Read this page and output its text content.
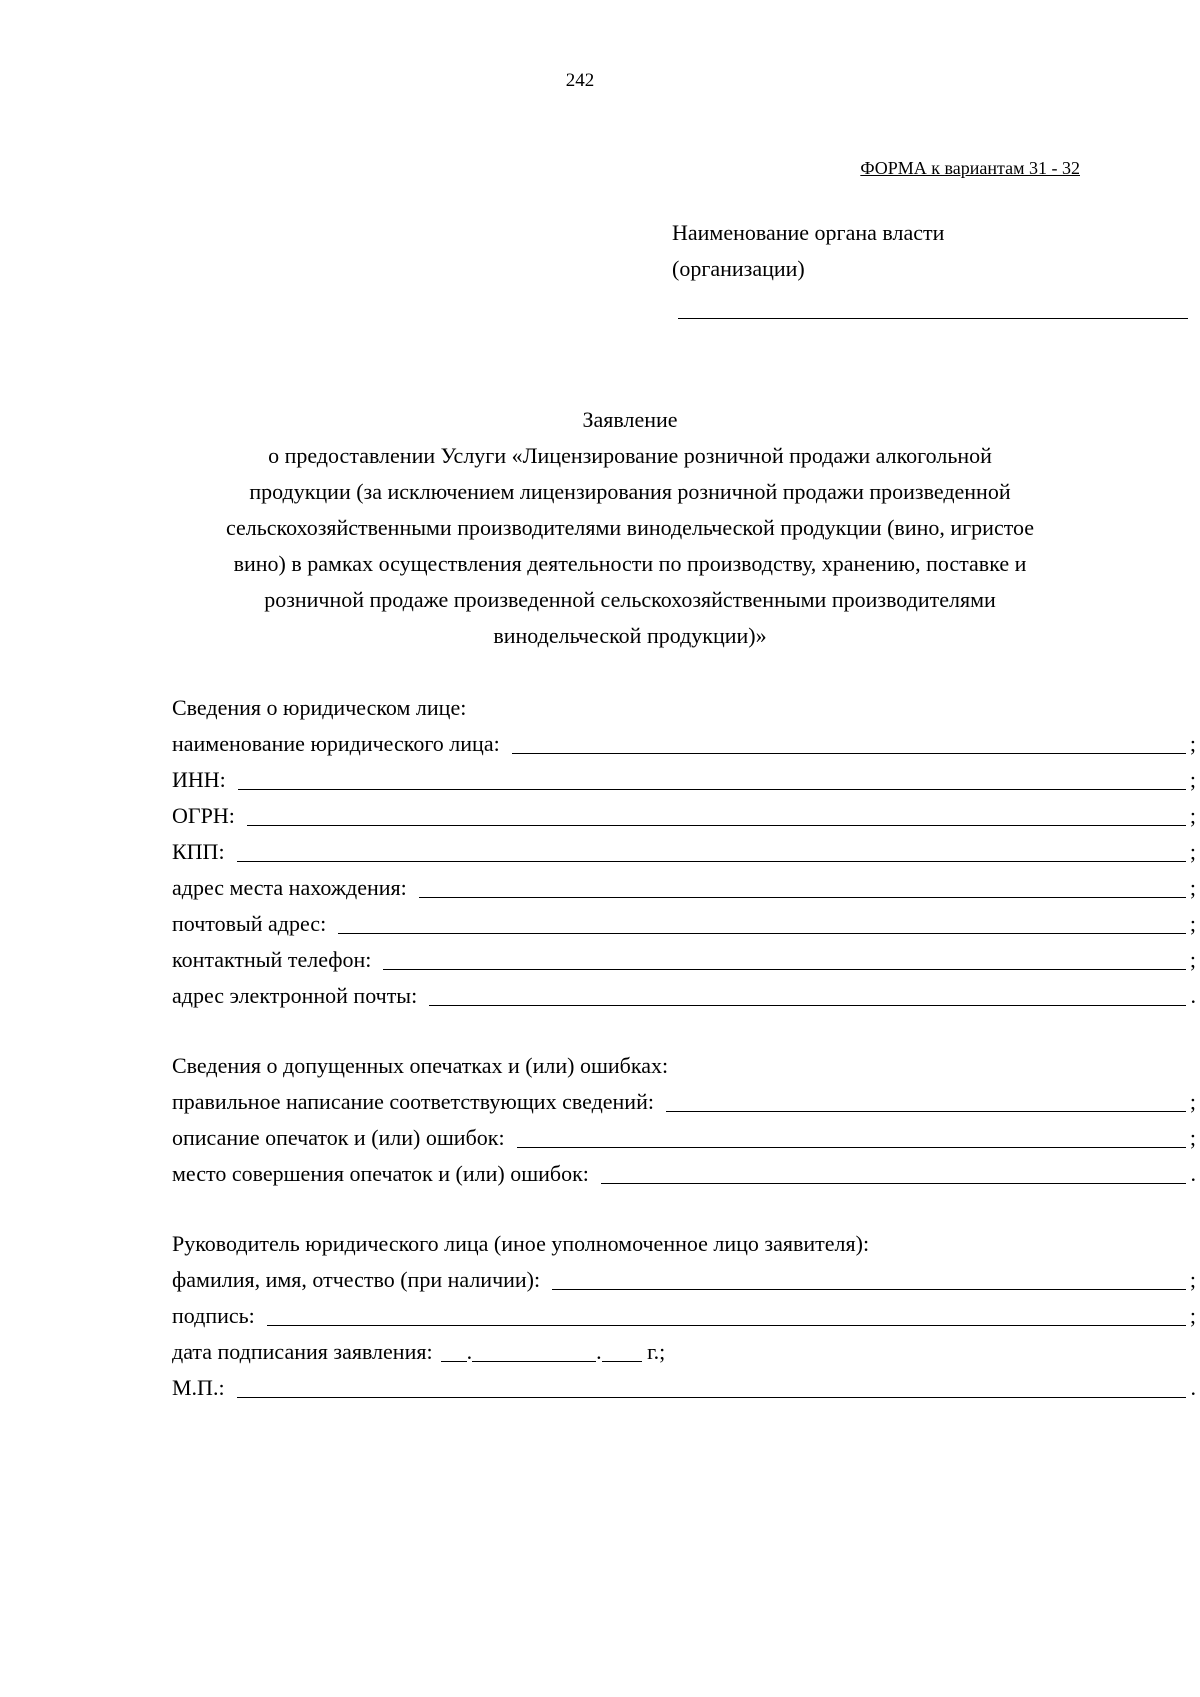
242
ФОРМА к вариантам 31 - 32
Наименование органа власти
(организации)
Заявление
о предоставлении Услуги «Лицензирование розничной продажи алкогольной
продукции (за исключением лицензирования розничной продажи произведенной
сельскохозяйственными производителями винодельческой продукции (вино, игристое
вино) в рамках осуществления деятельности по производству, хранению, поставке и
розничной продаже произведенной сельскохозяйственными производителями
винодельческой продукции)»
Сведения о юридическом лице:
наименование юридического лица:	;
ИНН:	;
ОГРН:	;
КПП:	;
адрес места нахождения:	;
почтовый адрес:	;
контактный телефон:	;
адрес электронной почты:	.
Сведения о допущенных опечатках и (или) ошибках:
правильное написание соответствующих сведений:	;
описание опечаток и (или) ошибок:	;
место совершения опечаток и (или) ошибок:	.
Руководитель юридического лица (иное уполномоченное лицо заявителя):
фамилия, имя, отчество (при наличии):	;
подпись:	;
дата подписания заявления: .	. г.;
М.П.:	.
